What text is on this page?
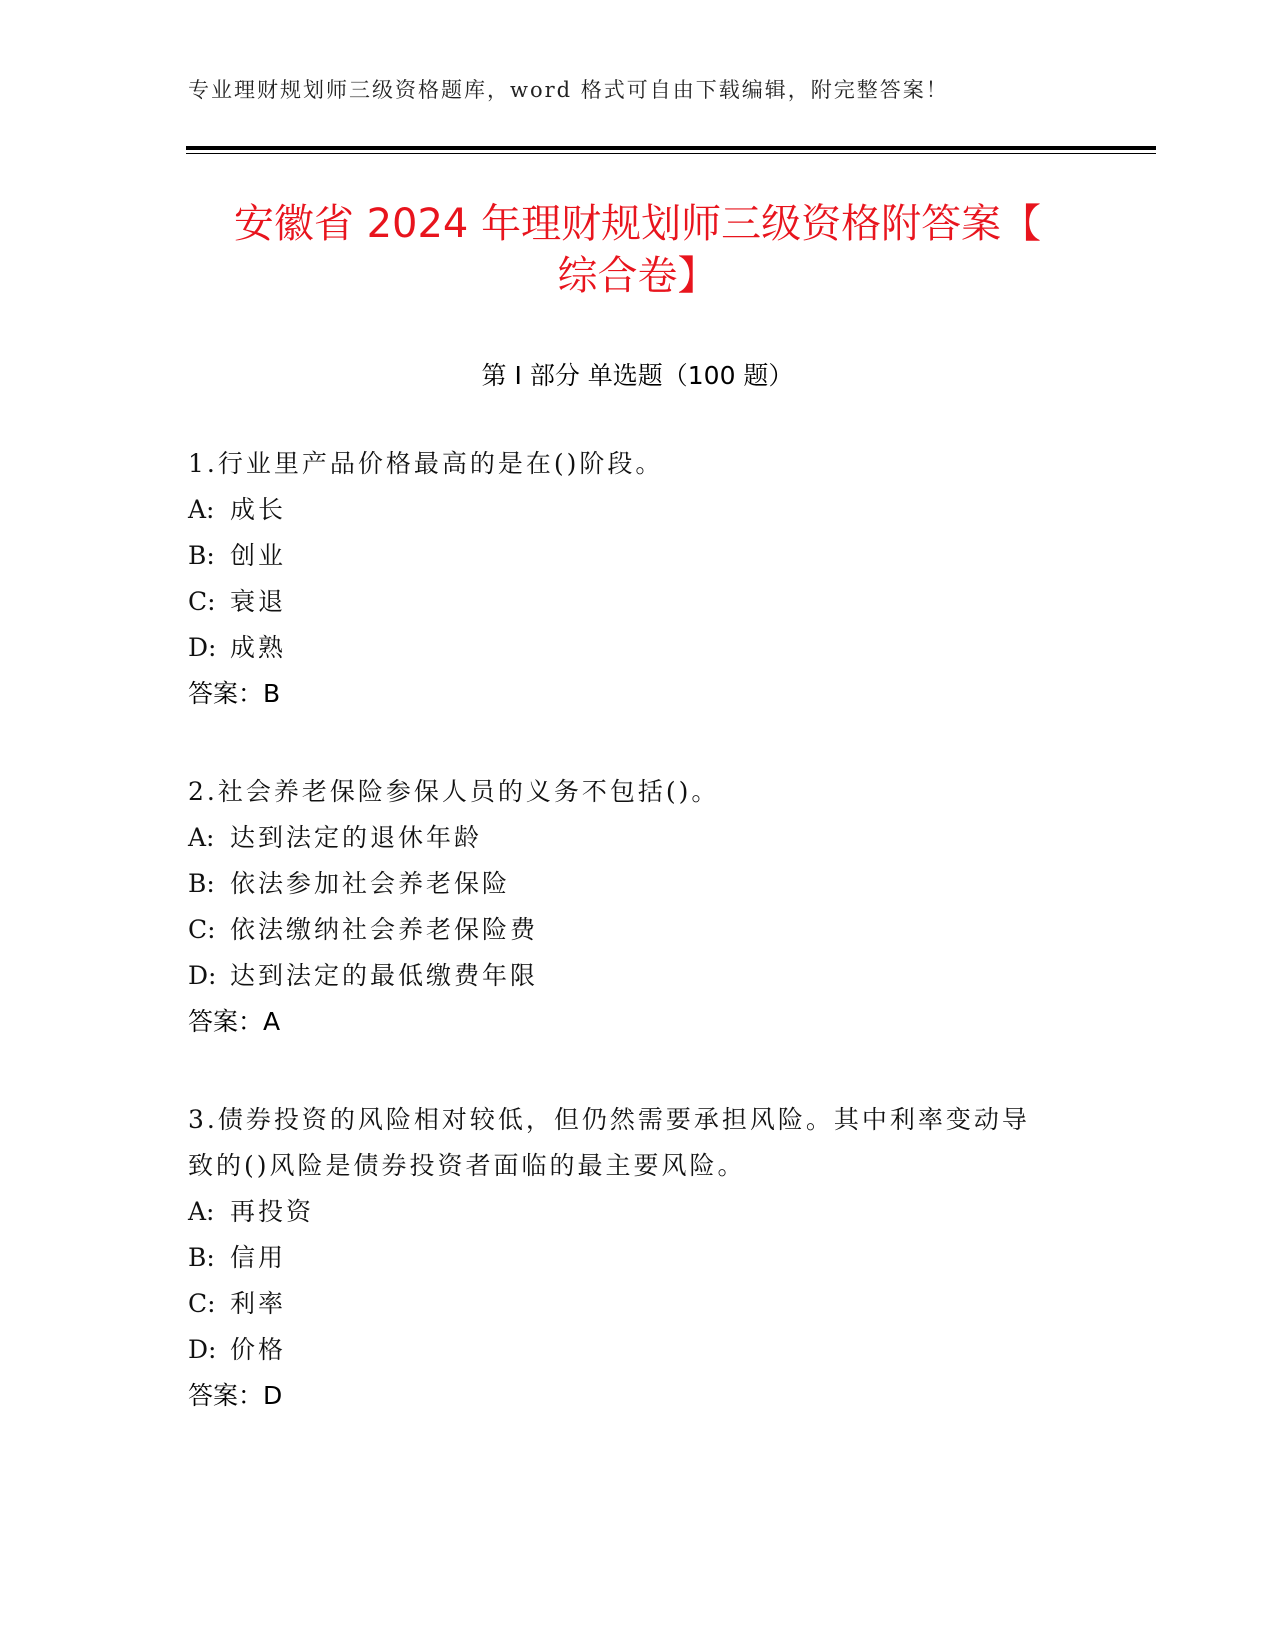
专业理财规划师三级资格题库，word 格式可自由下载编辑，附完整答案！
安徽省 2024 年理财规划师三级资格附答案【
综合卷】
第 I 部分 单选题（100 题）
1.行业里产品价格最高的是在()阶段。
A: 成长
B: 创业
C: 衰退
D: 成熟
答案：B
2.社会养老保险参保人员的义务不包括()。
A: 达到法定的退休年龄
B: 依法参加社会养老保险
C: 依法缴纳社会养老保险费
D: 达到法定的最低缴费年限
答案：A
3.债券投资的风险相对较低，但仍然需要承担风险。其中利率变动导
致的()风险是债券投资者面临的最主要风险。
A: 再投资
B: 信用
C: 利率
D: 价格
答案：D
